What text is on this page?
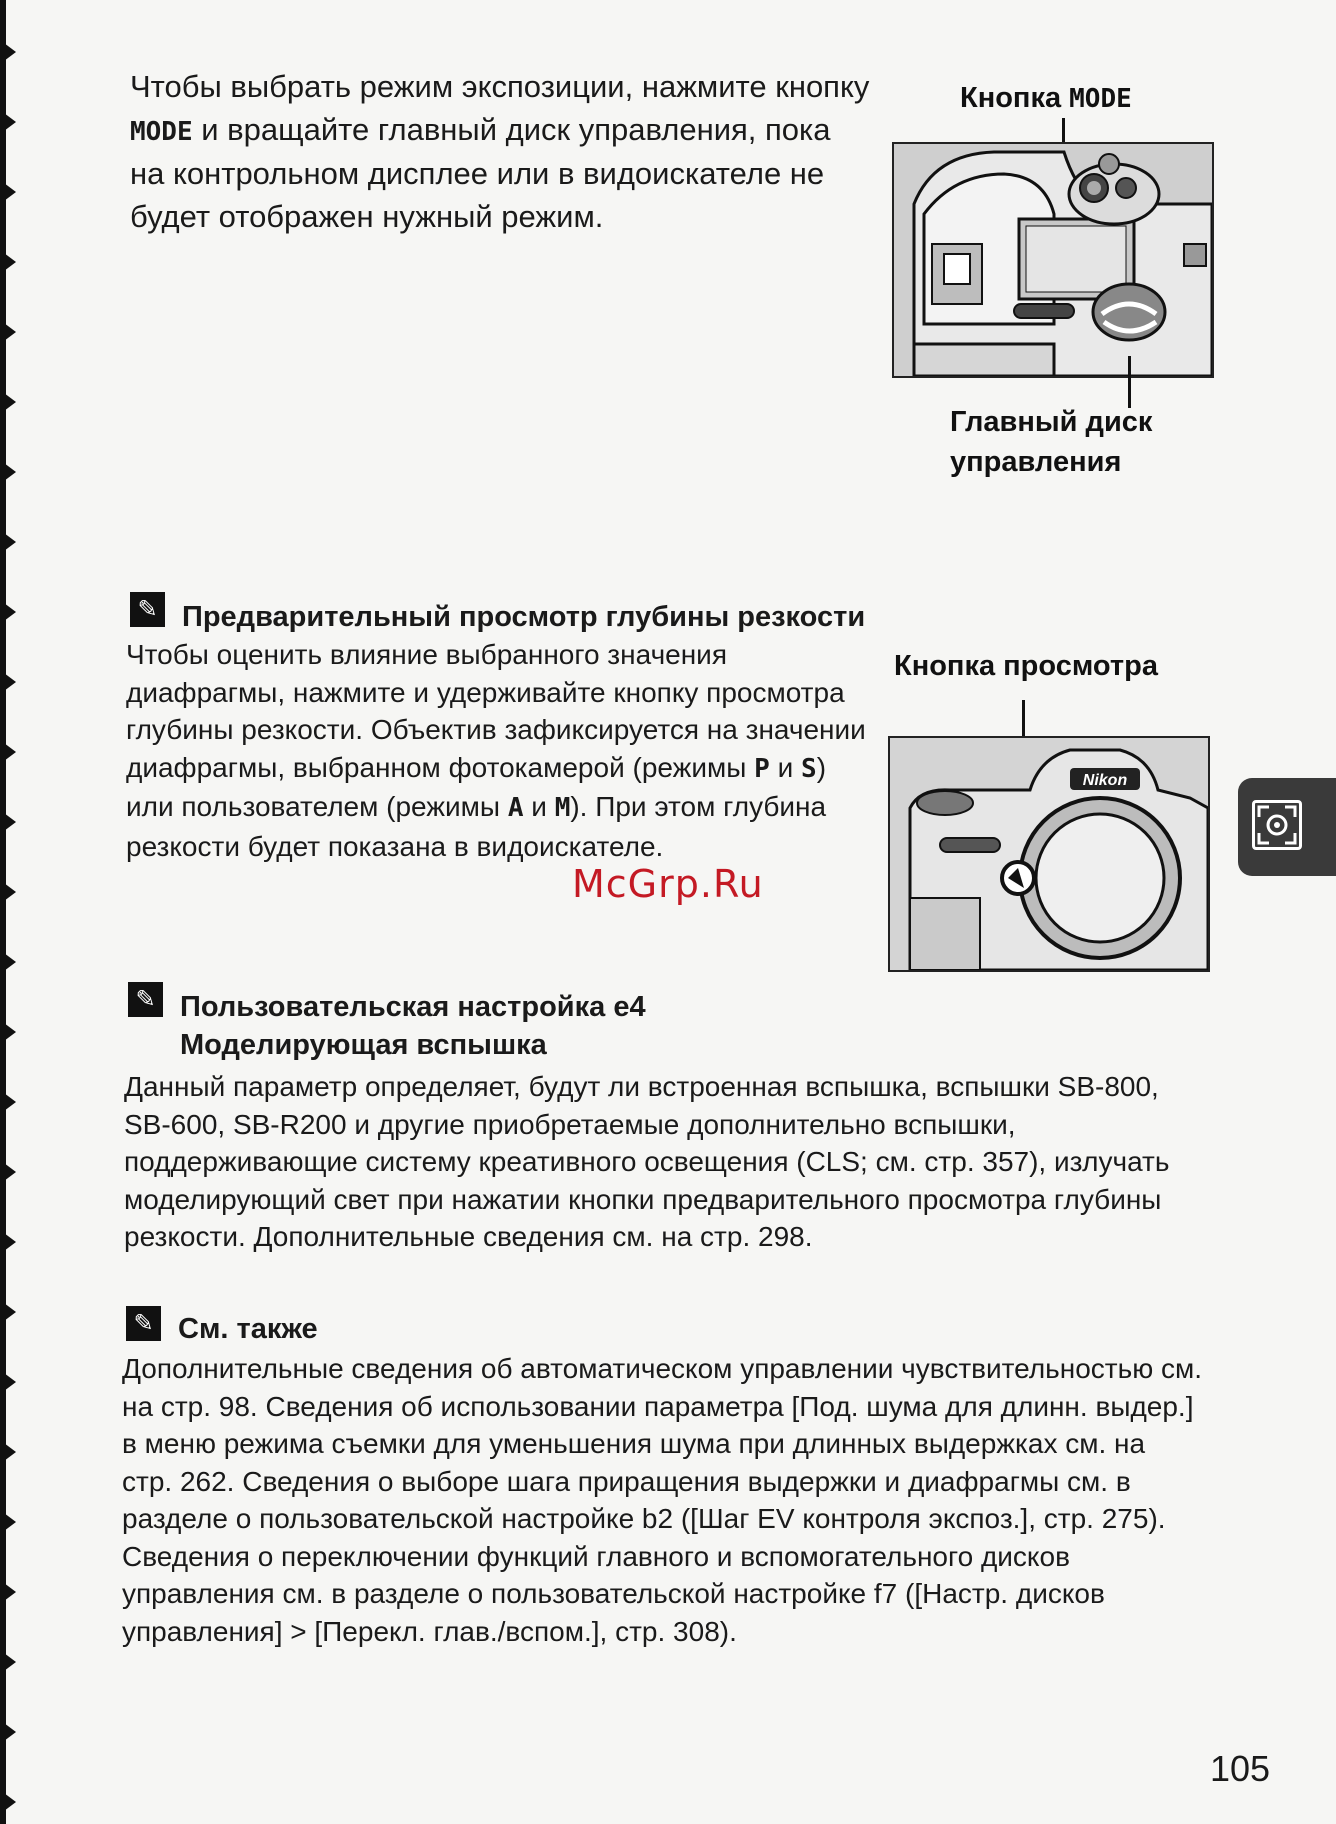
Чтобы выбрать режим экспозиции, нажмите кнопку MODE и вращайте главный диск управления, пока на контрольном дисплее или в видоискателе не будет отображен нужный режим.

Кнопка MODE
Главный диск
управления
✎ Предварительный просмотр глубины резкости

Чтобы оценить влияние выбранного значения диафрагмы, нажмите и удерживайте кнопку просмотра глубины резкости. Объектив зафиксируется на значении диафрагмы, выбранном фотокамерой (режимы P и S) или пользователем (режимы A и M). При этом глубина резкости будет показана в видоискателе.

Кнопка просмотра
Nikon
McGrp.Ru
✎ Пользовательская настройка e4
Моделирующая вспышка

Данный параметр определяет, будут ли встроенная вспышка, вспышки SB-800, SB-600, SB-R200 и другие приобретаемые дополнительно вспышки, поддерживающие систему креативного освещения (CLS; см. стр. 357), излучать моделирующий свет при нажатии кнопки предварительного просмотра глубины резкости. Дополнительные сведения см. на стр. 298.

✎ См. также

Дополнительные сведения об автоматическом управлении чувствительностью см. на стр. 98. Сведения об использовании параметра [Под. шума для длинн. выдер.] в меню режима съемки для уменьшения шума при длинных выдержках см. на стр. 262. Сведения о выборе шага приращения выдержки и диафрагмы см. в разделе о пользовательской настройке b2 ([Шаг EV контроля экспоз.], стр. 275). Сведения о переключении функций главного и вспомогательного дисков управления см. в разделе о пользовательской настройке f7 ([Настр. дисков управления] > [Перекл. глав./вспом.], стр. 308).

105
